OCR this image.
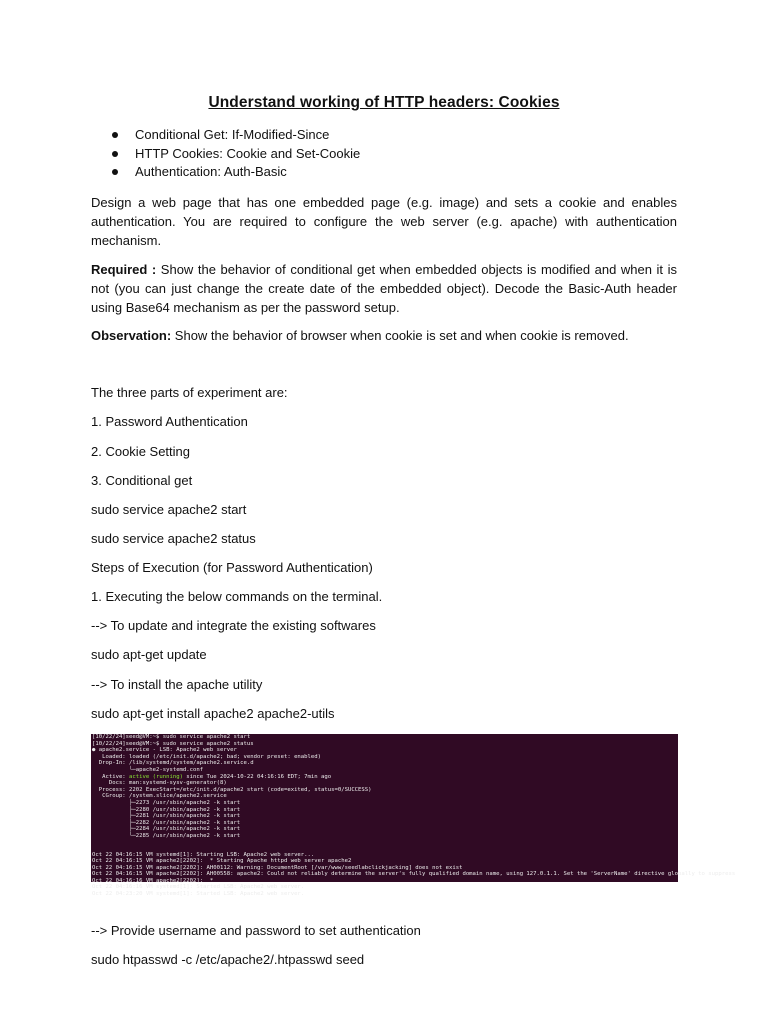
Understand working of HTTP headers: Cookies
Conditional Get: If-Modified-Since
HTTP Cookies: Cookie and Set-Cookie
Authentication: Auth-Basic

Design a web page that has one embedded page (e.g. image) and sets a cookie and enables authentication. You are required to configure the web server (e.g. apache) with authentication mechanism.

Required : Show the behavior of conditional get when embedded objects is modified and when it is not (you can just change the create date of the embedded object). Decode the Basic-Auth header using Base64 mechanism as per the password setup.

Observation: Show the behavior of browser when cookie is set and when cookie is removed.

The three parts of experiment are:

1. Password Authentication

2. Cookie Setting

3. Conditional get

sudo service apache2 start

sudo service apache2 status

Steps of Execution (for Password Authentication)

1. Executing the below commands on the terminal.

--> To update and integrate the existing softwares

sudo apt-get update

--> To install the apache utility

sudo apt-get install apache2 apache2-utils

[10/22/24]seed@VM:~$ sudo service apache2 start
[10/22/24]seed@VM:~$ sudo service apache2 status
● apache2.service - LSB: Apache2 web server
Loaded: loaded (/etc/init.d/apache2; bad; vendor preset: enabled)
Drop-In: /lib/systemd/system/apache2.service.d
└─apache2-systemd.conf
Active: active (running) since Tue 2024-10-22 04:16:16 EDT; 7min ago
Docs: man:systemd-sysv-generator(8)
Process: 2202 ExecStart=/etc/init.d/apache2 start (code=exited, status=0/SUCCESS)
CGroup: /system.slice/apache2.service
├─2273 /usr/sbin/apache2 -k start
├─2280 /usr/sbin/apache2 -k start
├─2281 /usr/sbin/apache2 -k start
├─2282 /usr/sbin/apache2 -k start
├─2284 /usr/sbin/apache2 -k start
└─2285 /usr/sbin/apache2 -k start
Oct 22 04:16:15 VM systemd[1]: Starting LSB: Apache2 web server...
Oct 22 04:16:15 VM apache2[2202]:  * Starting Apache httpd web server apache2
Oct 22 04:16:15 VM apache2[2202]: AH00112: Warning: DocumentRoot [/var/www/seedlabclickjacking] does not exist
Oct 22 04:16:15 VM apache2[2202]: AH00558: apache2: Could not reliably determine the server's fully qualified domain name, using 127.0.1.1. Set the 'ServerName' directive globally to suppress
Oct 22 04:16:16 VM apache2[2202]:  *
Oct 22 04:16:16 VM systemd[1]: Started LSB: Apache2 web server.
Oct 22 04:23:20 VM systemd[1]: Started LSB: Apache2 web server.

--> Provide username and password to set authentication

sudo htpasswd -c /etc/apache2/.htpasswd seed
